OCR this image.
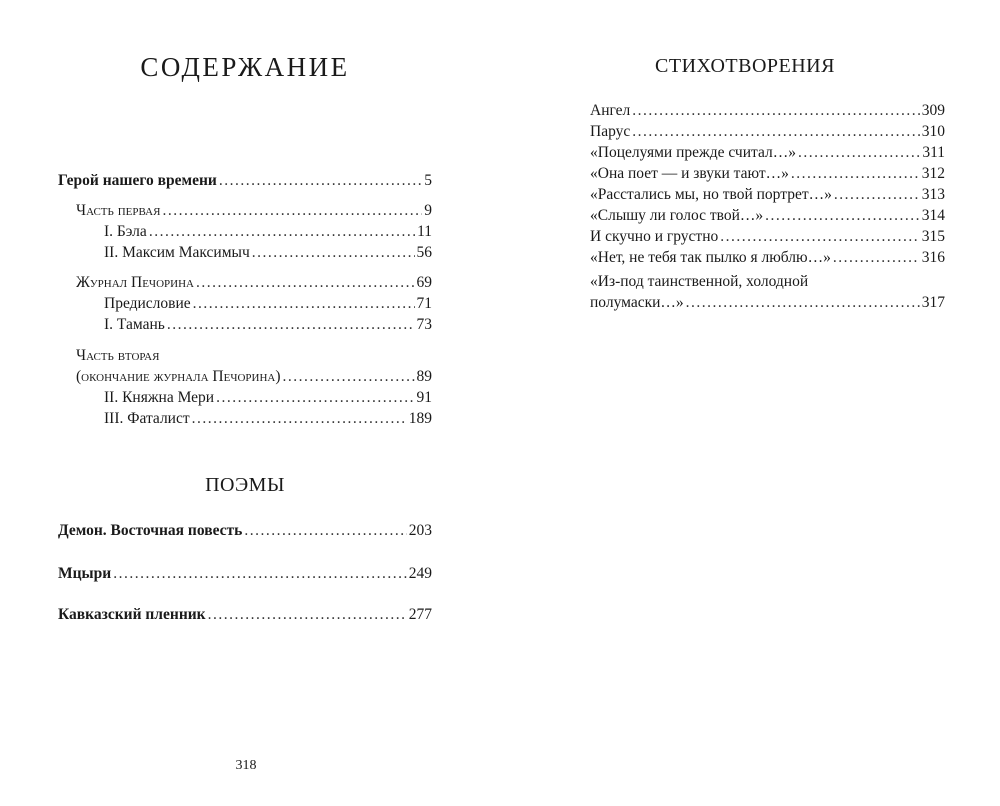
СОДЕРЖАНИЕ
Герой нашего времени .....	5
Часть первая .....	9
I. Бэла .....	11
II. Максим Максимыч .....	56
Журнал Печорина .....	69
Предисловие .....	71
I. Тамань .....	73
Часть вторая
(окончание журнала Печорина) .....	89
II. Княжна Мери .....	91
III. Фаталист .....	189
ПОЭМЫ
Демон. Восточная повесть .....	203
Мцыри .....	249
Кавказский пленник .....	277
318
СТИХОТВОРЕНИЯ
Ангел .....	309
Парус .....	310
«Поцелуями прежде считал…» .....	311
«Она поет — и звуки тают…» .....	312
«Расстались мы, но твой портрет…» .....	313
«Слышу ли голос твой…» .....	314
И скучно и грустно .....	315
«Нет, не тебя так пылко я люблю…» .....	316
«Из-под таинственной, холодной
полумаски…» .....	317
